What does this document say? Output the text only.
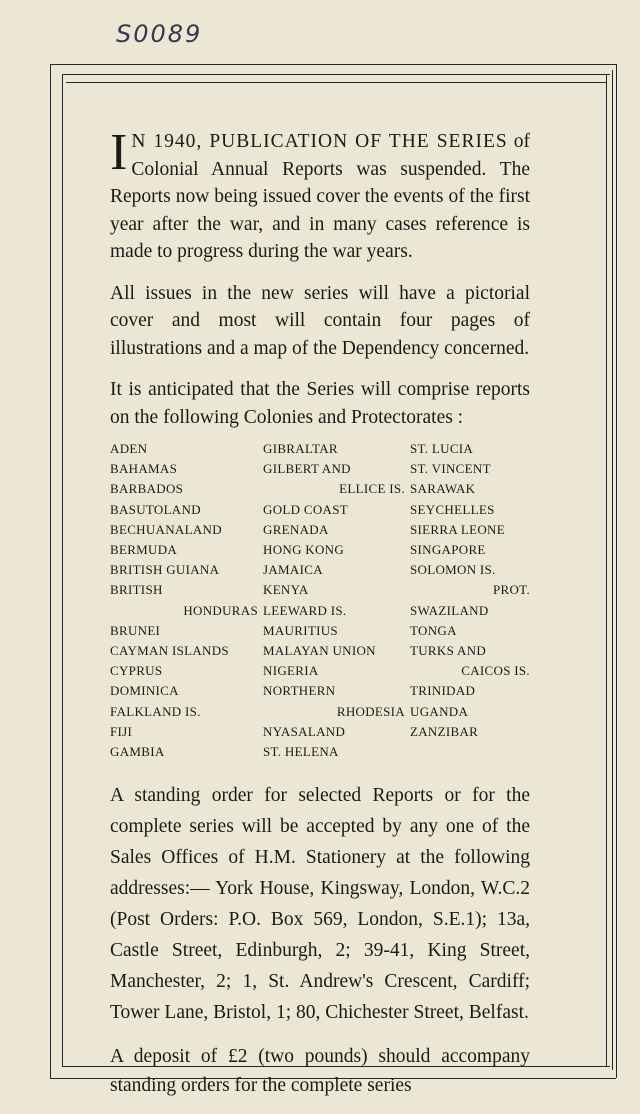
S0089

I N 1940, PUBLICATION OF THE SERIES of Colonial Annual Reports was suspended. The Reports now being issued cover the events of the first year after the war, and in many cases reference is made to progress during the war years.

All issues in the new series will have a pictorial cover and most will contain four pages of illustrations and a map of the Dependency concerned.

It is anticipated that the Series will comprise reports on the following Colonies and Protectorates :

ADEN
BAHAMAS
BARBADOS
BASUTOLAND
BECHUANALAND
BERMUDA
BRITISH GUIANA
BRITISH
HONDURAS
BRUNEI
CAYMAN ISLANDS
CYPRUS
DOMINICA
FALKLAND IS.
FIJI
GAMBIA
GIBRALTAR
GILBERT AND
ELLICE IS.
GOLD COAST
GRENADA
HONG KONG
JAMAICA
KENYA
LEEWARD IS.
MAURITIUS
MALAYAN UNION
NIGERIA
NORTHERN
RHODESIA
NYASALAND
ST. HELENA
ST. LUCIA
ST. VINCENT
SARAWAK
SEYCHELLES
SIERRA LEONE
SINGAPORE
SOLOMON IS.
PROT.
SWAZILAND
TONGA
TURKS AND
CAICOS IS.
TRINIDAD
UGANDA
ZANZIBAR

A standing order for selected Reports or for the complete series will be accepted by any one of the Sales Offices of H.M. Stationery at the following addresses:— York House, Kingsway, London, W.C.2 (Post Orders: P.O. Box 569, London, S.E.1); 13a, Castle Street, Edinburgh, 2; 39-41, King Street, Manchester, 2; 1, St. Andrew's Crescent, Cardiff; Tower Lane, Bristol, 1; 80, Chichester Street, Belfast.

A deposit of £2 (two pounds) should accompany standing orders for the complete series
